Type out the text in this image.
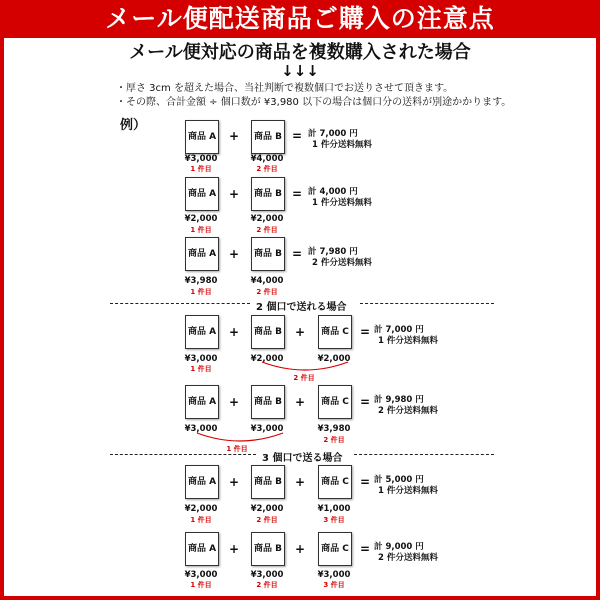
メール便配送商品ご購入の注意点
メール便対応の商品を複数購入された場合
↓↓↓
・厚さ 3cm を超えた場合、当社判断で複数個口でお送りさせて頂きます。
・その際、合計金額 ÷ 個口数が ¥3,980 以下の場合は個口分の送料が別途かかります。
例）
商品 A +	商品 B = 計 7,000 円
1 件分送料無料
¥3,000
1 件目
¥4,000
2 件目
商品 A +	商品 B = 計 4,000 円
1 件分送料無料
¥2,000
1 件目
¥2,000
2 件目
商品 A +	商品 B = 計 7,980 円
2 件分送料無料
¥3,980
1 件目
¥4,000
2 件目
2 個口で送れる場合
商品 A +	商品 B +	商品 C = 計 7,000 円
1 件分送料無料
¥3,000
1 件目
¥2,000	¥2,000
2 件目
商品 A +	商品 B +	商品 C = 計 9,980 円
2 件分送料無料
¥3,000	¥3,000	¥3,980
2 件目
1 件目
3 個口で送る場合
商品 A +	商品 B +	商品 C = 計 5,000 円
1 件分送料無料
¥2,000
1 件目
¥2,000
2 件目
¥1,000
3 件目
商品 A +	商品 B +	商品 C = 計 9,000 円
2 件分送料無料
¥3,000
1 件目
¥3,000
2 件目
¥3,000
3 件目
